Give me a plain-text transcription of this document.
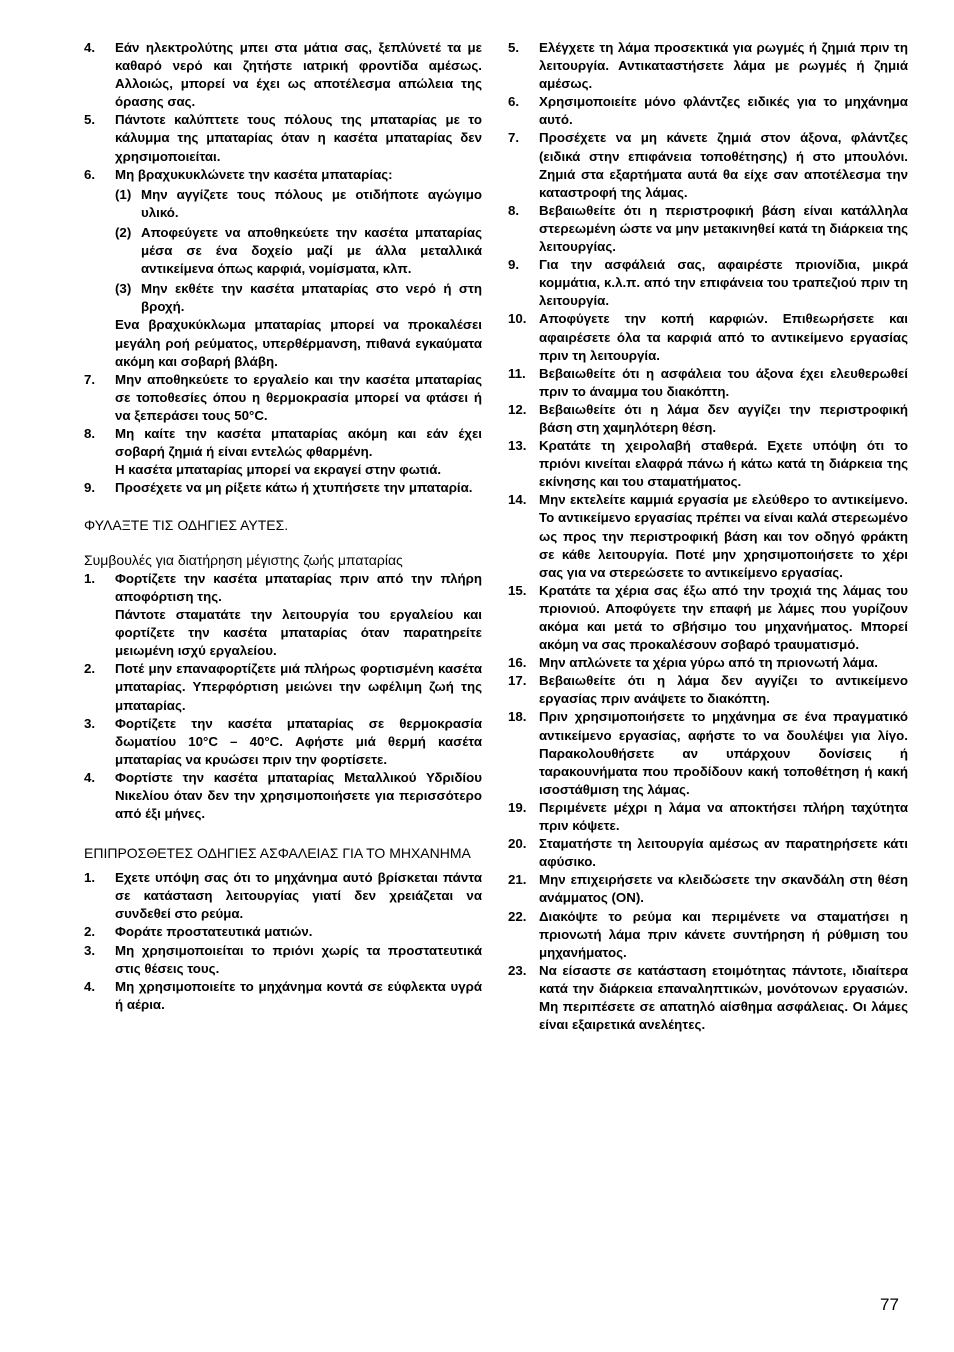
4.	Εάν ηλεκτρολύτης μπει στα μάτια σας, ξεπλύνετέ τα με καθαρό νερό και ζητήστε ιατρική φροντίδα αμέσως. Αλλοιώς, μπορεί να έχει ως αποτέλεσμα απώλεια της όρασης σας.
5.	Πάντοτε καλύπτετε τους πόλους της μπαταρίας με το κάλυμμα της μπαταρίας όταν η κασέτα μπαταρίας δεν χρησιμοποιείται.
6.	Μη βραχυκυκλώνετε την κασέτα μπαταρίας:
(1) Μην αγγίζετε τους πόλους με οτιδήποτε αγώγιμο υλικό.
(2) Αποφεύγετε να αποθηκεύετε την κασέτα μπαταρίας μέσα σε ένα δοχείο μαζί με άλλα μεταλλικά αντικείμενα όπως καρφιά, νομίσματα, κλπ.
(3) Μην εκθέτε την κασέτα μπαταρίας στο νερό ή στη βροχή.
Ενα βραχυκύκλωμα μπαταρίας μπορεί να προκαλέσει μεγάλη ροή ρεύματος, υπερθέρμανση, πιθανά εγκαύματα ακόμη και σοβαρή βλάβη.
7.	Μην αποθηκεύετε το εργαλείο και την κασέτα μπαταρίας σε τοποθεσίες όπου η θερμοκρασία μπορεί να φτάσει ή να ξεπεράσει τους 50°C.
8.	Μη καίτε την κασέτα μπαταρίας ακόμη και εάν έχει σοβαρή ζημιά ή είναι εντελώς φθαρμένη.
Η κασέτα μπαταρίας μπορεί να εκραγεί στην φωτιά.
9.	Προσέχετε να μη ρίξετε κάτω ή χτυπήσετε την μπαταρία.
ΦΥΛΑΞΤΕ ΤΙΣ ΟΔΗΓΙΕΣ ΑΥΤΕΣ.
Συμβουλές για διατήρηση μέγιστης ζωής μπαταρίας
1.	Φορτίζετε την κασέτα μπαταρίας πριν από την πλήρη αποφόρτιση της.
Πάντοτε σταματάτε την λειτουργία του εργαλείου και φορτίζετε την κασέτα μπαταρίας όταν παρατηρείτε μειωμένη ισχύ εργαλείου.
2.	Ποτέ μην επαναφορτίζετε μιά πλήρως φορτισμένη κασέτα μπαταρίας. Υπερφόρτιση μειώνει την ωφέλιμη ζωή της μπαταρίας.
3.	Φορτίζετε την κασέτα μπαταρίας σε θερμοκρασία δωματίου 10°C – 40°C. Αφήστε μιά θερμή κασέτα μπαταρίας να κρυώσει πριν την φορτίσετε.
4.	Φορτίστε την κασέτα μπαταρίας Μεταλλικού Υδριδίου Νικελίου όταν δεν την χρησιμοποιήσετε για περισσότερο από έξι μήνες.
ΕΠΙΠΡΟΣΘΕΤΕΣ ΟΔΗΓΙΕΣ ΑΣΦΑΛΕΙΑΣ ΓΙΑ ΤΟ ΜΗΧΑΝΗΜΑ
1.	Εχετε υπόψη σας ότι το μηχάνημα αυτό βρίσκεται πάντα σε κατάσταση λειτουργίας γιατί δεν χρειάζεται να συνδεθεί στο ρεύμα.
2.	Φοράτε προστατευτικά ματιών.
3.	Μη χρησιμοποιείται το πριόνι χωρίς τα προστατευτικά στις θέσεις τους.
4.	Μη χρησιμοποιείτε το μηχάνημα κοντά σε εύφλεκτα υγρά ή αέρια.
5.	Ελέγχετε τη λάμα προσεκτικά για ρωγμές ή ζημιά πριν τη λειτουργία. Αντικαταστήσετε λάμα με ρωγμές ή ζημιά αμέσως.
6.	Χρησιμοποιείτε μόνο φλάντζες ειδικές για το μηχάνημα αυτό.
7.	Προσέχετε να μη κάνετε ζημιά στον άξονα, φλάντζες (ειδικά στην επιφάνεια τοποθέτησης) ή στο μπουλόνι. Ζημιά στα εξαρτήματα αυτά θα είχε σαν αποτέλεσμα την καταστροφή της λάμας.
8.	Βεβαιωθείτε ότι η περιστροφική βάση είναι κατάλληλα στερεωμένη ώστε να μην μετακινηθεί κατά τη διάρκεια της λειτουργίας.
9.	Για την ασφάλειά σας, αφαιρέστε πριονίδια, μικρά κομμάτια, κ.λ.π. από την επιφάνεια του τραπεζιού πριν τη λειτουργία.
10. Αποφύγετε την κοπή καρφιών. Επιθεωρήσετε και αφαιρέσετε όλα τα καρφιά από το αντικείμενο εργασίας πριν τη λειτουργία.
11. Βεβαιωθείτε ότι η ασφάλεια του άξονα έχει ελευθερωθεί πριν το άναμμα του διακόπτη.
12. Βεβαιωθείτε ότι η λάμα δεν αγγίζει την περιστροφική βάση στη χαμηλότερη θέση.
13. Κρατάτε τη χειρολαβή σταθερά. Εχετε υπόψη ότι το πριόνι κινείται ελαφρά πάνω ή κάτω κατά τη διάρκεια της εκίνησης και του σταματήματος.
14. Μην εκτελείτε καμμιά εργασία με ελεύθερο το αντικείμενο. Το αντικείμενο εργασίας πρέπει να είναι καλά στερεωμένο ως προς την περιστροφική βάση και τον οδηγό φράκτη σε κάθε λειτουργία. Ποτέ μην χρησιμοποιήσετε το χέρι σας για να στερεώσετε το αντικείμενο εργασίας.
15. Κρατάτε τα χέρια σας έξω από την τροχιά της λάμας του πριονιού. Αποφύγετε την επαφή με λάμες που γυρίζουν ακόμα και μετά το σβήσιμο του μηχανήματος. Μπορεί ακόμη να σας προκαλέσουν σοβαρό τραυματισμό.
16. Μην απλώνετε τα χέρια γύρω από τη πριονωτή λάμα.
17. Βεβαιωθείτε ότι η λάμα δεν αγγίζει το αντικείμενο εργασίας πριν ανάψετε το διακόπτη.
18. Πριν χρησιμοποιήσετε το μηχάνημα σε ένα πραγματικό αντικείμενο εργασίας, αφήστε το να δουλέψει για λίγο. Παρακολουθήσετε αν υπάρχουν δονίσεις ή ταρακουνήματα που προδίδουν κακή τοποθέτηση ή κακή ισοστάθμιση της λάμας.
19. Περιμένετε μέχρι η λάμα να αποκτήσει πλήρη ταχύτητα πριν κόψετε.
20. Σταματήστε τη λειτουργία αμέσως αν παρατηρήσετε κάτι αφύσικο.
21. Μην επιχειρήσετε να κλειδώσετε την σκανδάλη στη θέση ανάμματος (ON).
22. Διακόψτε το ρεύμα και περιμένετε να σταματήσει η πριονωτή λάμα πριν κάνετε συντήρηση ή ρύθμιση του μηχανήματος.
23. Να είσαστε σε κατάσταση ετοιμότητας πάντοτε, ιδιαίτερα κατά την διάρκεια επαναληπτικών, μονότονων εργασιών. Μη περιπέσετε σε απατηλό αίσθημα ασφάλειας. Οι λάμες είναι εξαιρετικά ανελέητες.
77
